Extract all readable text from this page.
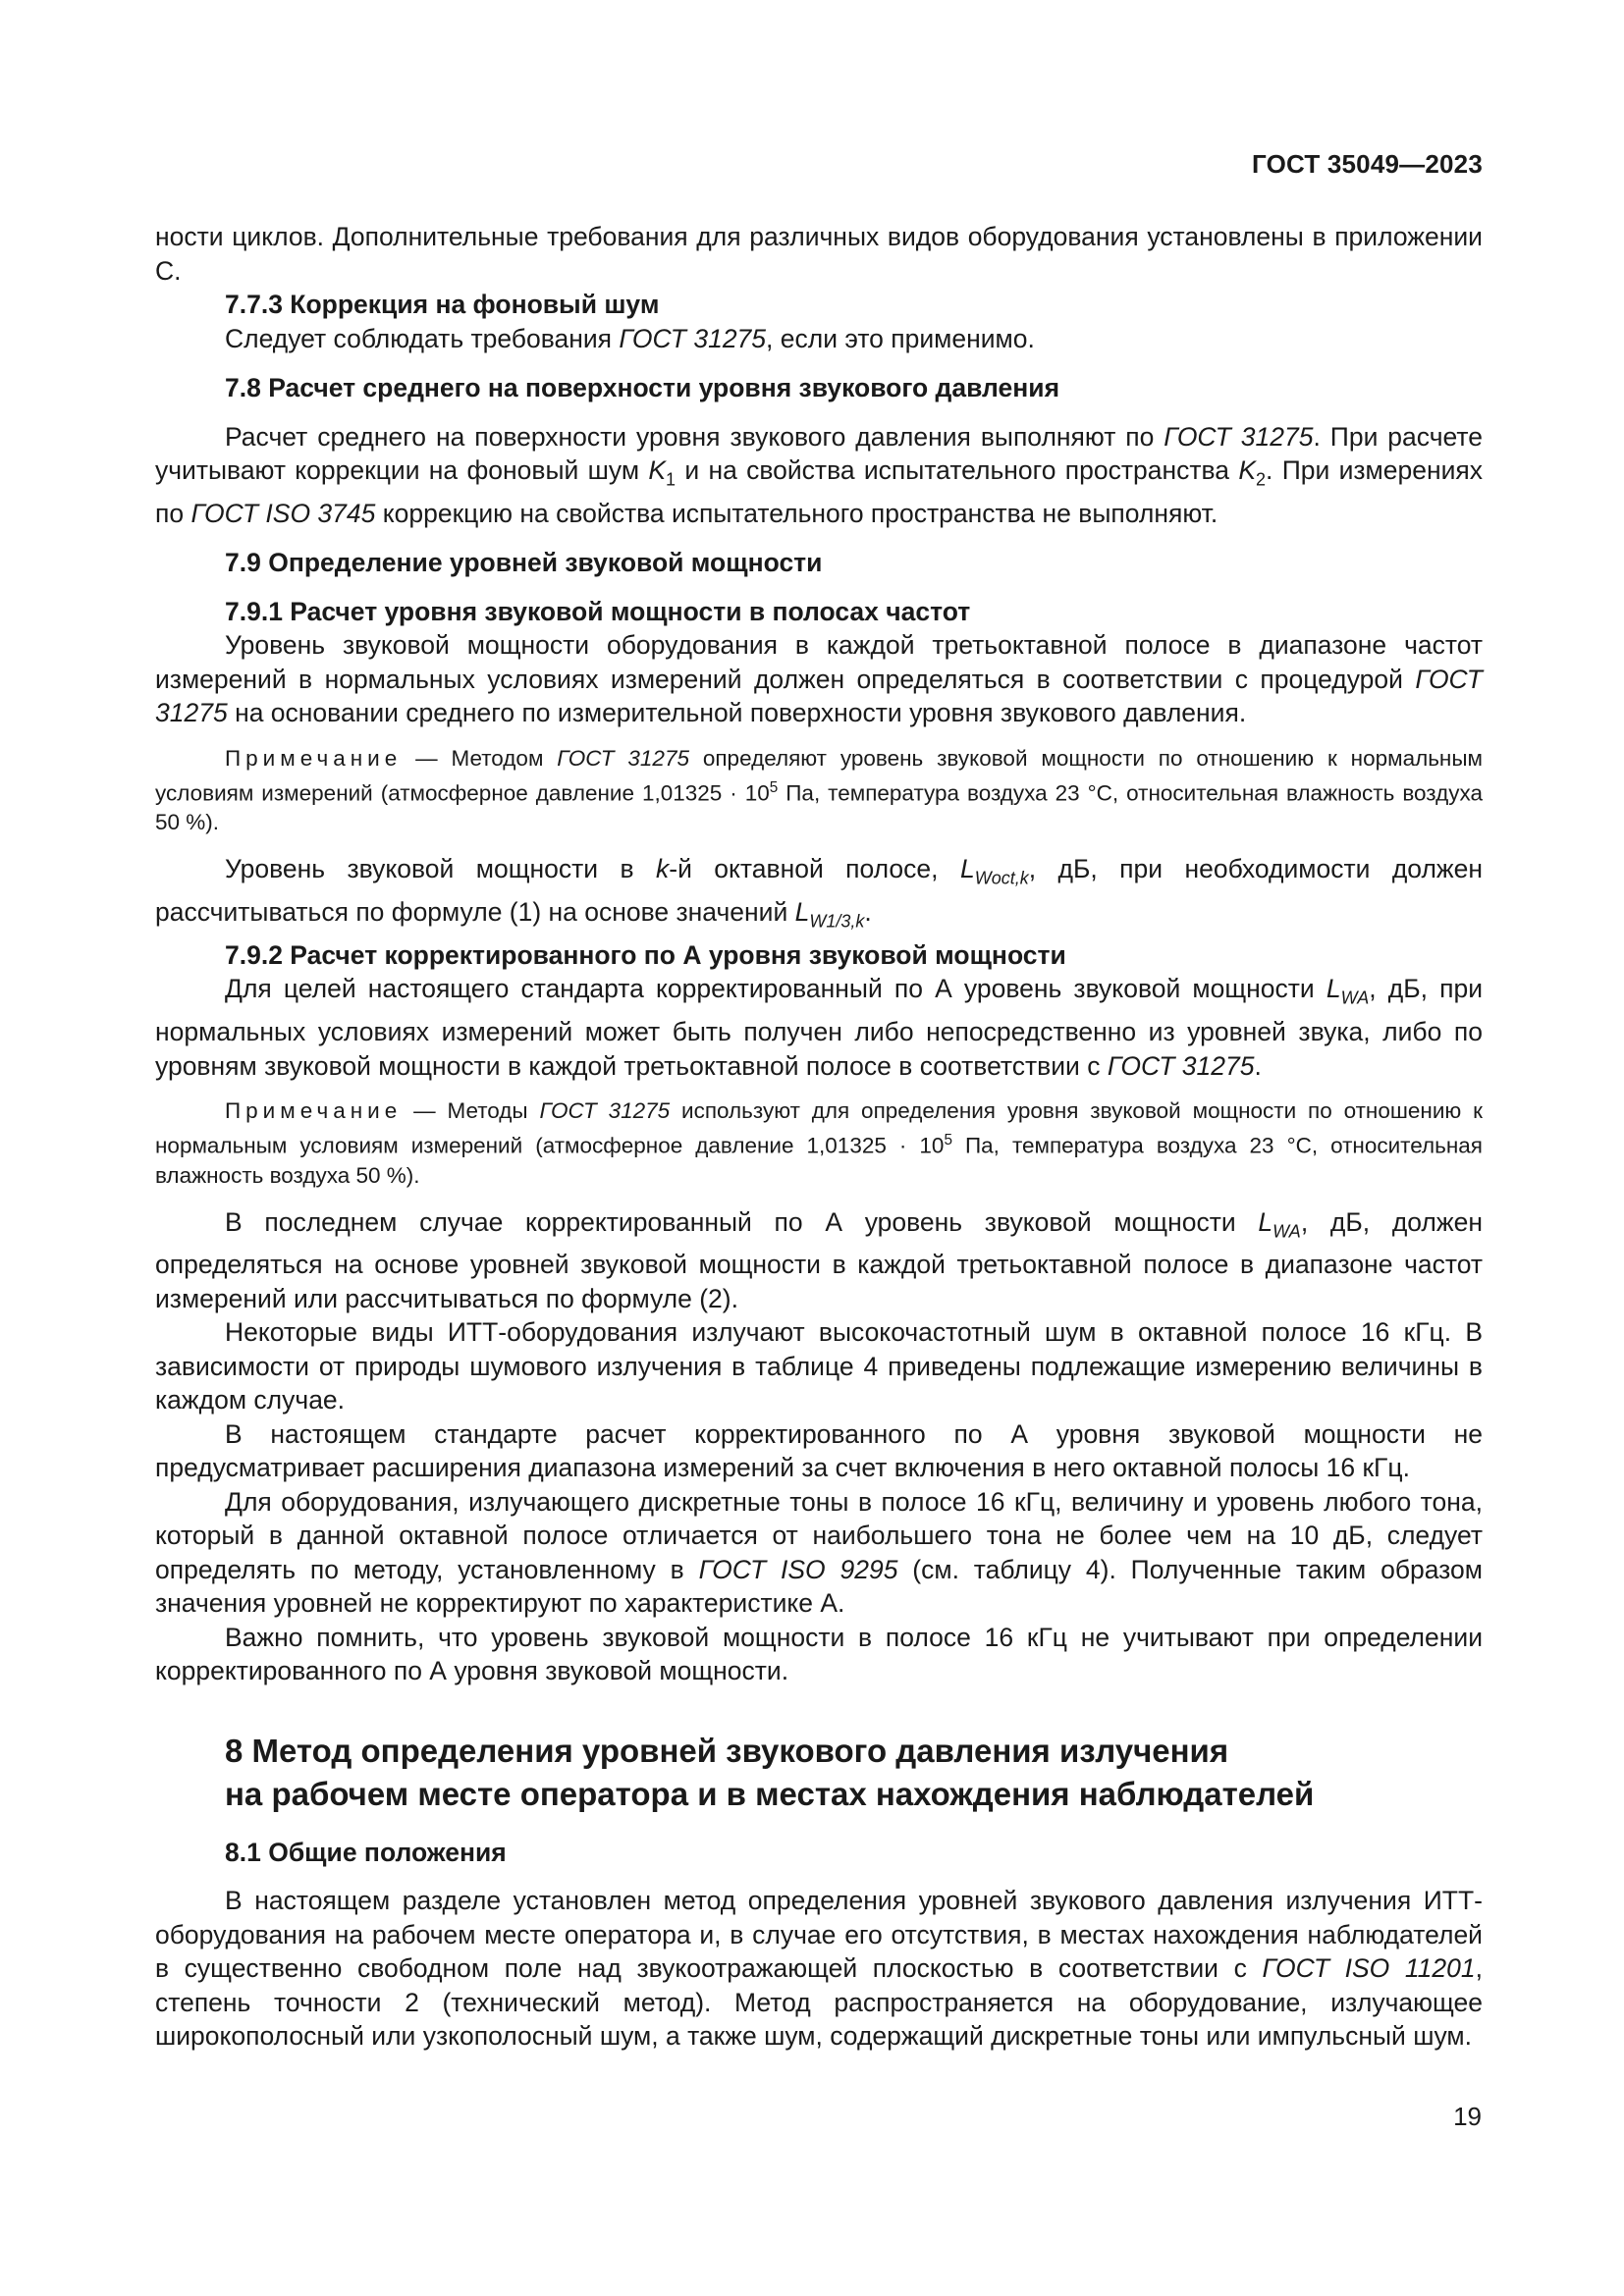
ГОСТ 35049—2023

ности циклов. Дополнительные требования для различных видов оборудования установлены в приложении С.

7.7.3 Коррекция на фоновый шум

Следует соблюдать требования ГОСТ 31275, если это применимо.

7.8 Расчет среднего на поверхности уровня звукового давления

Расчет среднего на поверхности уровня звукового давления выполняют по ГОСТ 31275. При расчете учитывают коррекции на фоновый шум $K_1$ и на свойства испытательного пространства $K_2$. При измерениях по ГОСТ ISO 3745 коррекцию на свойства испытательного пространства не выполняют.

7.9 Определение уровней звуковой мощности

7.9.1 Расчет уровня звуковой мощности в полосах частот

Уровень звуковой мощности оборудования в каждой третьоктавной полосе в диапазоне частот измерений в нормальных условиях измерений должен определяться в соответствии с процедурой ГОСТ 31275 на основании среднего по измерительной поверхности уровня звукового давления.

Примечание — Методом ГОСТ 31275 определяют уровень звуковой мощности по отношению к нормальным условиям измерений (атмосферное давление $1,01325 \cdot 10^5$ Па, температура воздуха 23 °C, относительная влажность воздуха 50 %).

Уровень звуковой мощности в k-й октавной полосе, $L_{Woct,k}$, дБ, при необходимости должен рассчитываться по формуле (1) на основе значений $L_{W1/3,k}$.

7.9.2 Расчет корректированного по А уровня звуковой мощности

Для целей настоящего стандарта корректированный по А уровень звуковой мощности $L_{WA}$, дБ, при нормальных условиях измерений может быть получен либо непосредственно из уровней звука, либо по уровням звуковой мощности в каждой третьоктавной полосе в соответствии с ГОСТ 31275.

Примечание — Методы ГОСТ 31275 используют для определения уровня звуковой мощности по отношению к нормальным условиям измерений (атмосферное давление $1,01325 \cdot 10^5$ Па, температура воздуха 23 °C, относительная влажность воздуха 50 %).

В последнем случае корректированный по А уровень звуковой мощности $L_{WA}$, дБ, должен определяться на основе уровней звуковой мощности в каждой третьоктавной полосе в диапазоне частот измерений или рассчитываться по формуле (2).

Некоторые виды ИТТ-оборудования излучают высокочастотный шум в октавной полосе 16 кГц. В зависимости от природы шумового излучения в таблице 4 приведены подлежащие измерению величины в каждом случае.

В настоящем стандарте расчет корректированного по А уровня звуковой мощности не предусматривает расширения диапазона измерений за счет включения в него октавной полосы 16 кГц.

Для оборудования, излучающего дискретные тоны в полосе 16 кГц, величину и уровень любого тона, который в данной октавной полосе отличается от наибольшего тона не более чем на 10 дБ, следует определять по методу, установленному в ГОСТ ISO 9295 (см. таблицу 4). Полученные таким образом значения уровней не корректируют по характеристике А.

Важно помнить, что уровень звуковой мощности в полосе 16 кГц не учитывают при определении корректированного по А уровня звуковой мощности.

8 Метод определения уровней звукового давления излучения
на рабочем месте оператора и в местах нахождения наблюдателей

8.1 Общие положения

В настоящем разделе установлен метод определения уровней звукового давления излучения ИТТ-оборудования на рабочем месте оператора и, в случае его отсутствия, в местах нахождения наблюдателей в существенно свободном поле над звукоотражающей плоскостью в соответствии с ГОСТ ISO 11201, степень точности 2 (технический метод). Метод распространяется на оборудование, излучающее широкополосный или узкополосный шум, а также шум, содержащий дискретные тоны или импульсный шум.

19
